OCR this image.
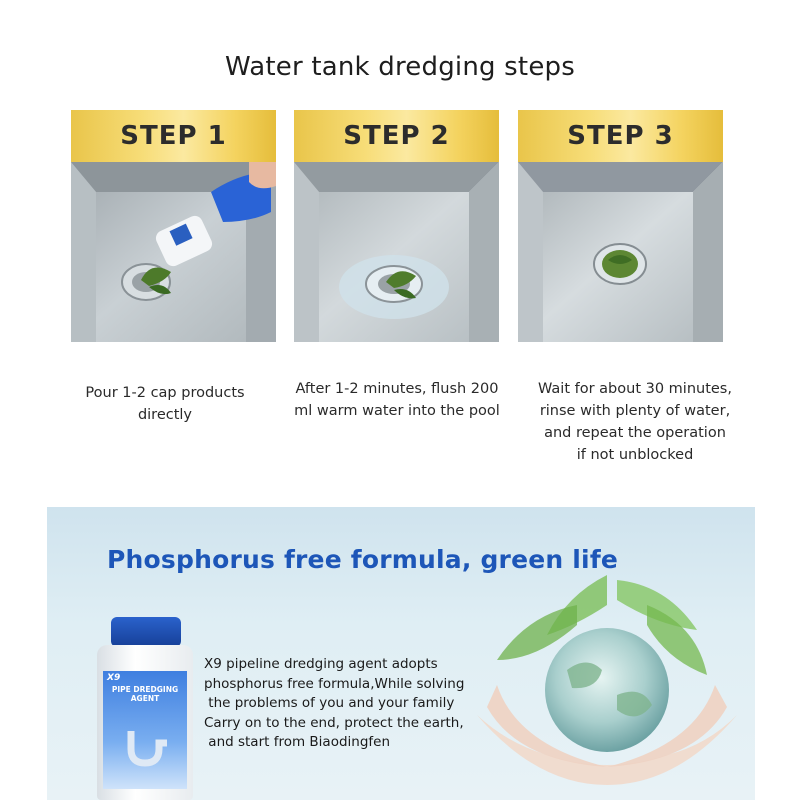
Water tank dredging steps
STEP 1
Pour 1-2 cap products
directly
STEP 2
After 1-2 minutes, flush 200
ml warm water into the pool
STEP 3
Wait for about 30 minutes,
rinse with plenty of water,
and repeat the operation
if not unblocked
Phosphorus free formula, green life
X9
PIPE DREDGING AGENT
X9 pipeline dredging agent adopts
phosphorus free formula,While solving
the problems of you and your family
Carry on to the end, protect the earth,
and start from Biaodingfen
